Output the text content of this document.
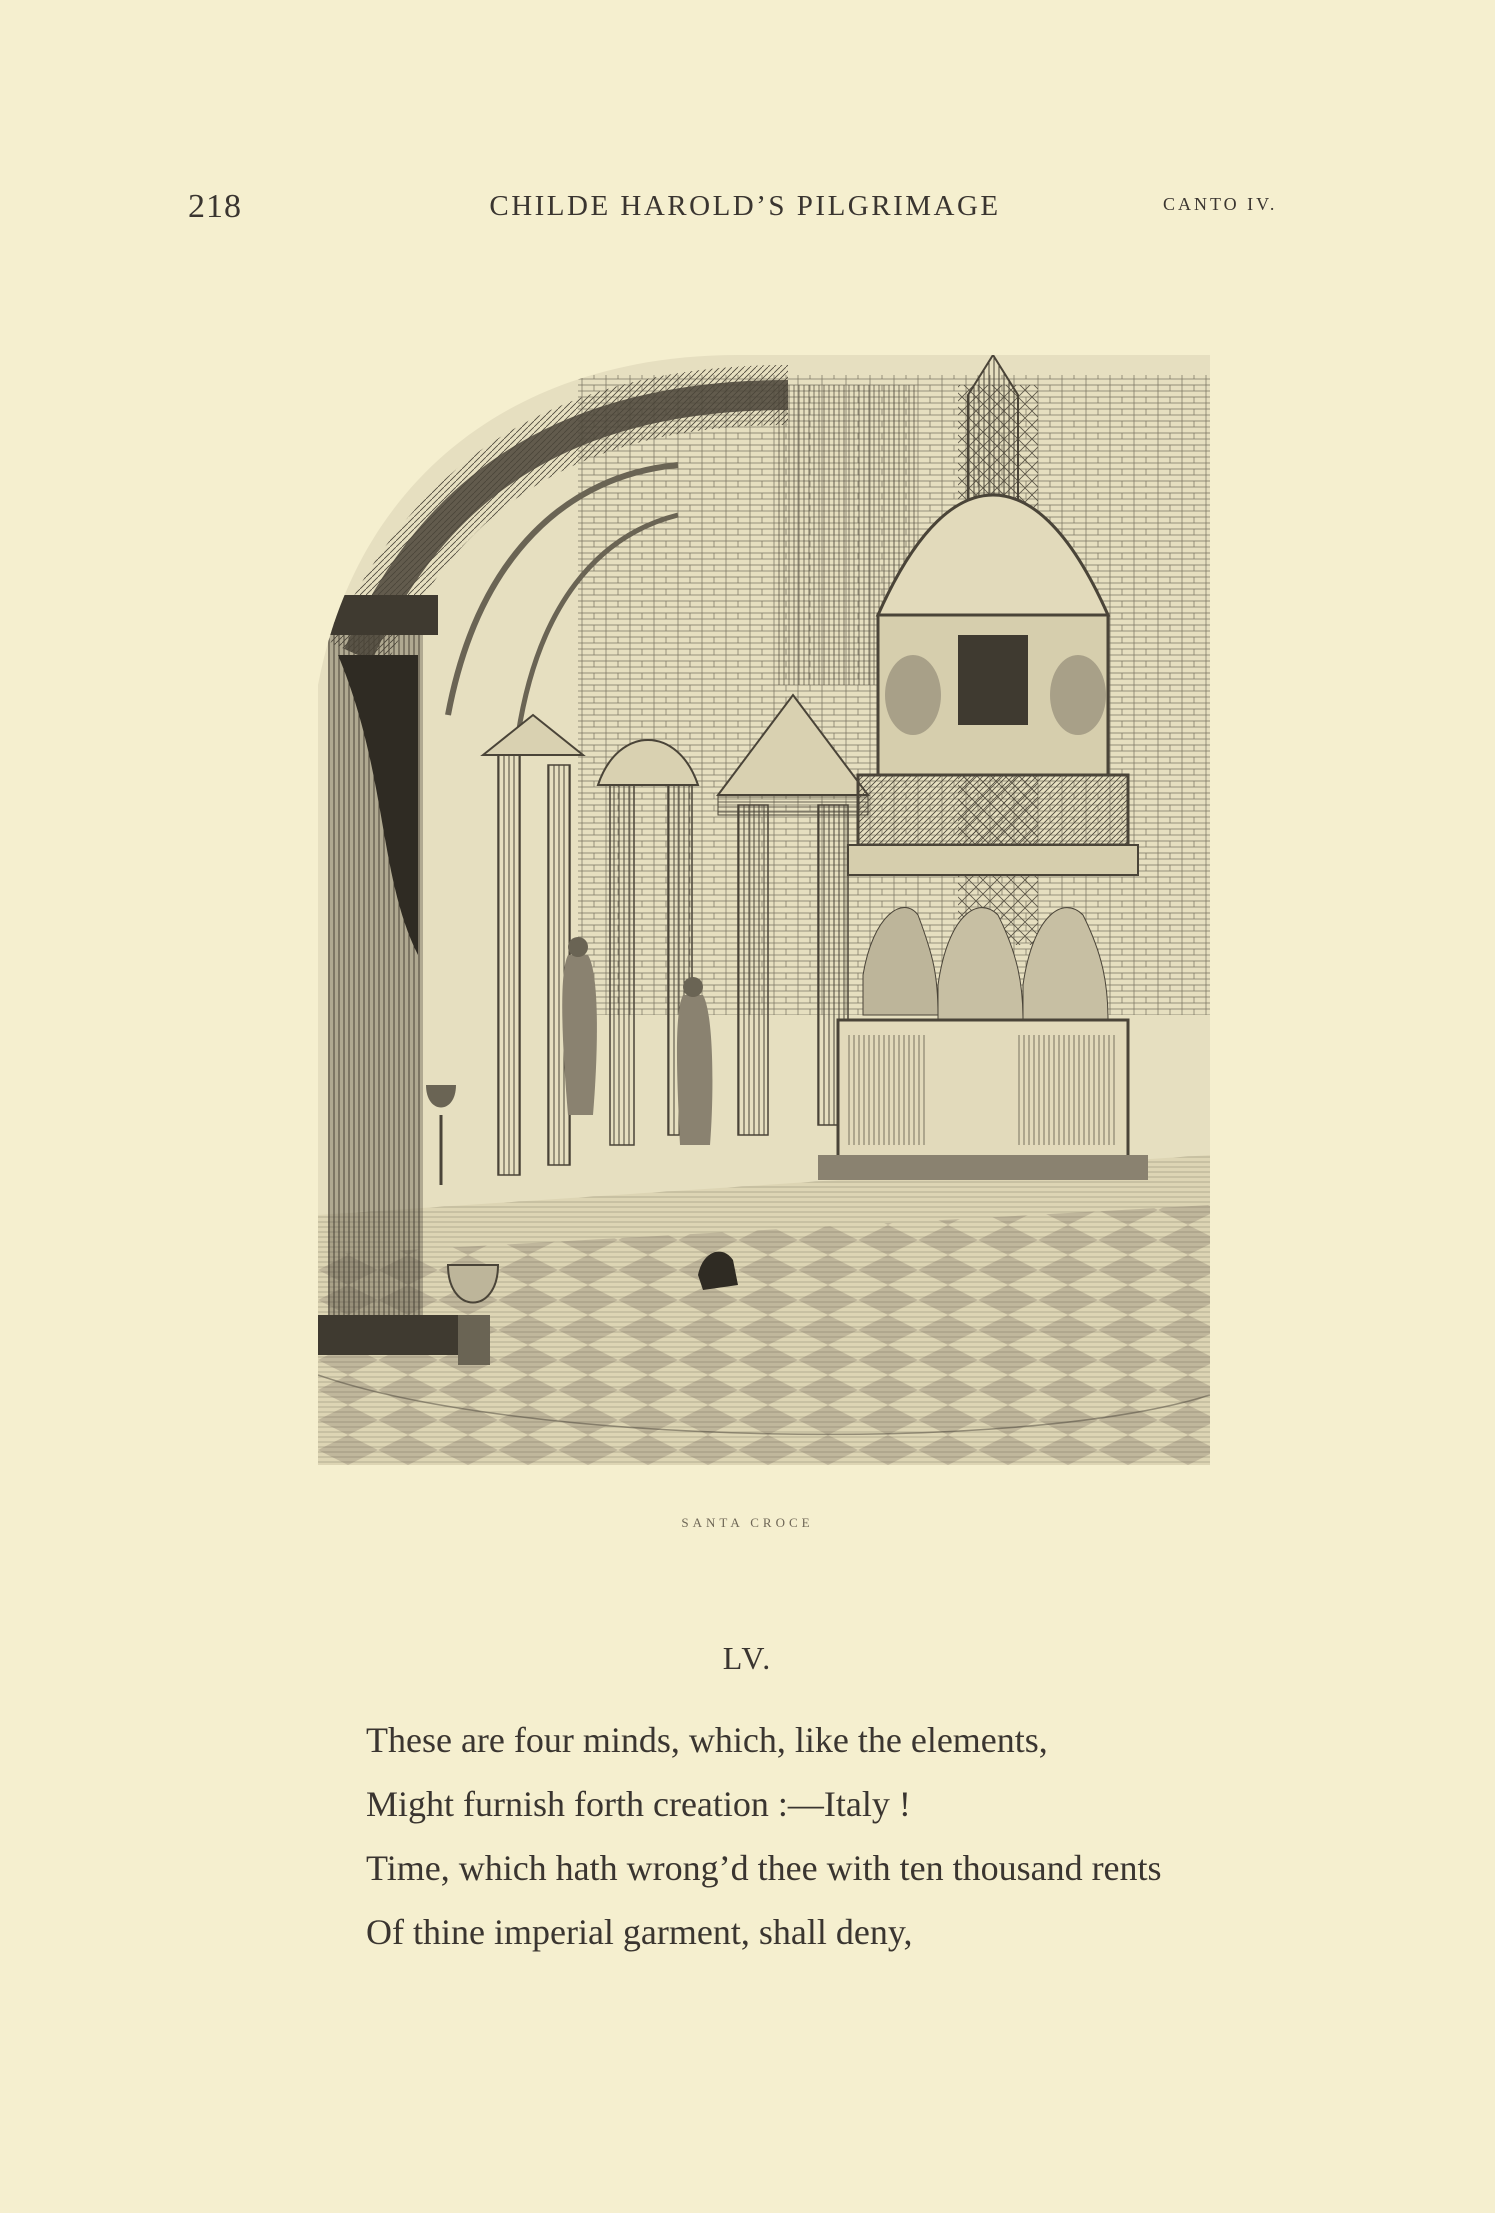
218	CHILDE HAROLD’S PILGRIMAGE	CANTO IV.
SANTA CROCE
LV.
These are four minds, which, like the elements,
Might furnish forth creation :—Italy !
Time, which hath wrong’d thee with ten thousand rents
Of thine imperial garment, shall deny,
